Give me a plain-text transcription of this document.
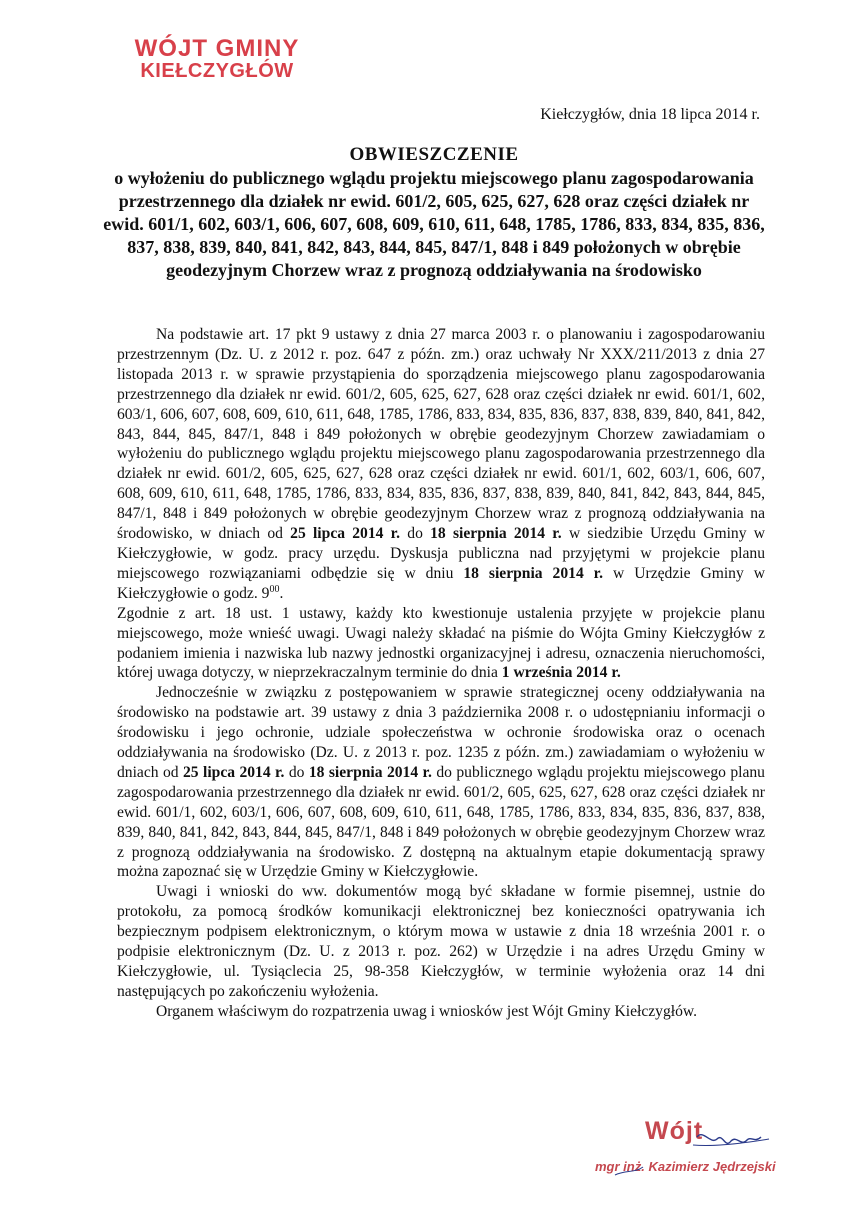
WÓJT GMINY
KIEŁCZYGŁÓW
Kiełczygłów, dnia 18 lipca 2014 r.
OBWIESZCZENIE
o wyłożeniu do publicznego wglądu projektu miejscowego planu zagospodarowania przestrzennego dla działek nr ewid. 601/2, 605, 625, 627, 628 oraz części działek nr ewid. 601/1, 602, 603/1, 606, 607, 608, 609, 610, 611, 648, 1785, 1786, 833, 834, 835, 836, 837, 838, 839, 840, 841, 842, 843, 844, 845, 847/1, 848 i 849 położonych w obrębie geodezyjnym Chorzew wraz z prognozą oddziaływania na środowisko

Na podstawie art. 17 pkt 9 ustawy z dnia 27 marca 2003 r. o planowaniu i zagospodarowaniu przestrzennym (Dz. U. z 2012 r. poz. 647 z późn. zm.) oraz uchwały Nr XXX/211/2013 z dnia 27 listopada 2013 r. w sprawie przystąpienia do sporządzenia miejscowego planu zagospodarowania przestrzennego dla działek nr ewid. 601/2, 605, 625, 627, 628 oraz części działek nr ewid. 601/1, 602, 603/1, 606, 607, 608, 609, 610, 611, 648, 1785, 1786, 833, 834, 835, 836, 837, 838, 839, 840, 841, 842, 843, 844, 845, 847/1, 848 i 849 położonych w obrębie geodezyjnym Chorzew zawiadamiam o wyłożeniu do publicznego wglądu projektu miejscowego planu zagospodarowania przestrzennego dla działek nr ewid. 601/2, 605, 625, 627, 628 oraz części działek nr ewid. 601/1, 602, 603/1, 606, 607, 608, 609, 610, 611, 648, 1785, 1786, 833, 834, 835, 836, 837, 838, 839, 840, 841, 842, 843, 844, 845, 847/1, 848 i 849 położonych w obrębie geodezyjnym Chorzew wraz z prognozą oddziaływania na środowisko, w dniach od 25 lipca 2014 r. do 18 sierpnia 2014 r. w siedzibie Urzędu Gminy w Kiełczygłowie, w godz. pracy urzędu. Dyskusja publiczna nad przyjętymi w projekcie planu miejscowego rozwiązaniami odbędzie się w dniu 18 sierpnia 2014 r. w Urzędzie Gminy w Kiełczygłowie o godz. $9^{00}$.

Zgodnie z art. 18 ust. 1 ustawy, każdy kto kwestionuje ustalenia przyjęte w projekcie planu miejscowego, może wnieść uwagi. Uwagi należy składać na piśmie do Wójta Gminy Kiełczygłów z podaniem imienia i nazwiska lub nazwy jednostki organizacyjnej i adresu, oznaczenia nieruchomości, której uwaga dotyczy, w nieprzekraczalnym terminie do dnia 1 września 2014 r.

Jednocześnie w związku z postępowaniem w sprawie strategicznej oceny oddziaływania na środowisko na podstawie art. 39 ustawy z dnia 3 października 2008 r. o udostępnianiu informacji o środowisku i jego ochronie, udziale społeczeństwa w ochronie środowiska oraz o ocenach oddziaływania na środowisko (Dz. U. z 2013 r. poz. 1235 z późn. zm.) zawiadamiam o wyłożeniu w dniach od 25 lipca 2014 r. do 18 sierpnia 2014 r. do publicznego wglądu projektu miejscowego planu zagospodarowania przestrzennego dla działek nr ewid. 601/2, 605, 625, 627, 628 oraz części działek nr ewid. 601/1, 602, 603/1, 606, 607, 608, 609, 610, 611, 648, 1785, 1786, 833, 834, 835, 836, 837, 838, 839, 840, 841, 842, 843, 844, 845, 847/1, 848 i 849 położonych w obrębie geodezyjnym Chorzew wraz z prognozą oddziaływania na środowisko. Z dostępną na aktualnym etapie dokumentacją sprawy można zapoznać się w Urzędzie Gminy w Kiełczygłowie.

Uwagi i wnioski do ww. dokumentów mogą być składane w formie pisemnej, ustnie do protokołu, za pomocą środków komunikacji elektronicznej bez konieczności opatrywania ich bezpiecznym podpisem elektronicznym, o którym mowa w ustawie z dnia 18 września 2001 r. o podpisie elektronicznym (Dz. U. z 2013 r. poz. 262) w Urzędzie i na adres Urzędu Gminy w Kiełczygłowie, ul. Tysiąclecia 25, 98-358 Kiełczygłów, w terminie wyłożenia oraz 14 dni następujących po zakończeniu wyłożenia.

Organem właściwym do rozpatrzenia uwag i wniosków jest Wójt Gminy Kiełczygłów.

Wójt
mgr inż. Kazimierz Jędrzejski
